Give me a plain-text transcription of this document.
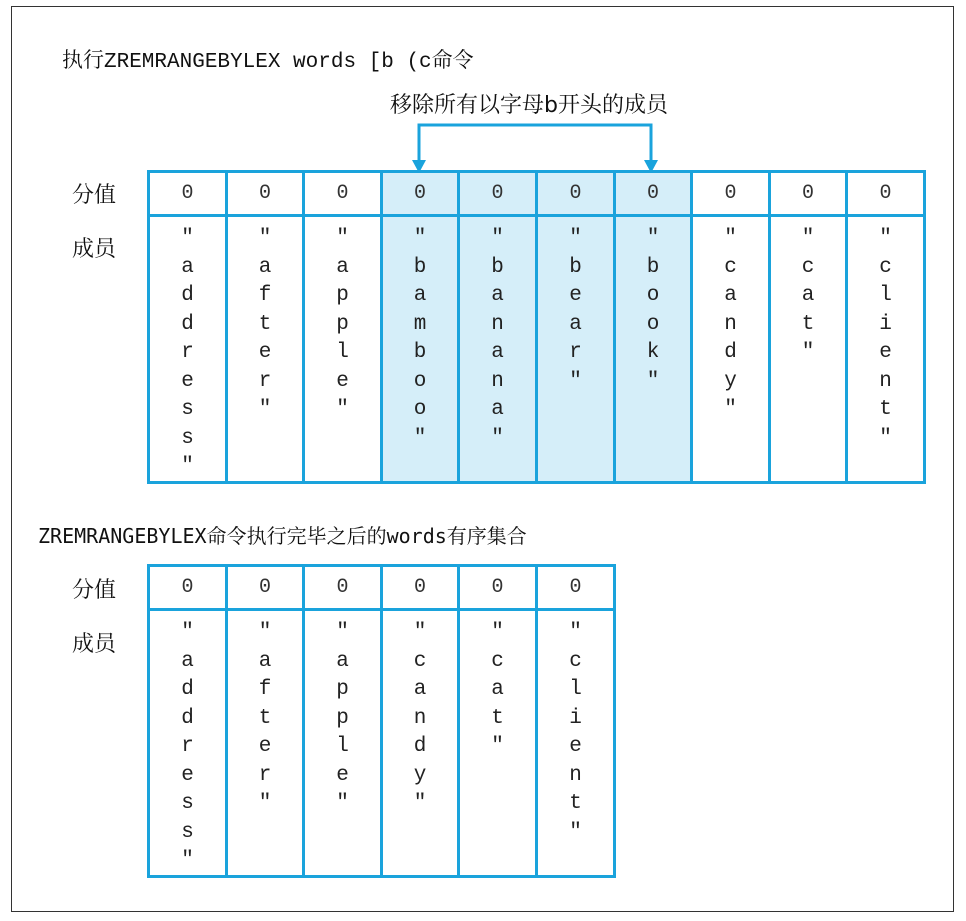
执行ZREMRANGEBYLEX words [b (c命令
移除所有以字母b开头的成员
分值
成员
0
"
a
d
d
r
e
s
s
"
0
"
a
f
t
e
r
"
0
"
a
p
p
l
e
"
0
"
b
a
m
b
o
o
"
0
"
b
a
n
a
n
a
"
0
"
b
e
a
r
"
0
"
b
o
o
k
"
0
"
c
a
n
d
y
"
0
"
c
a
t
"
0
"
c
l
i
e
n
t
"
ZREMRANGEBYLEX命令执行完毕之后的words有序集合
分值
成员
0
"
a
d
d
r
e
s
s
"
0
"
a
f
t
e
r
"
0
"
a
p
p
l
e
"
0
"
c
a
n
d
y
"
0
"
c
a
t
"
0
"
c
l
i
e
n
t
"
